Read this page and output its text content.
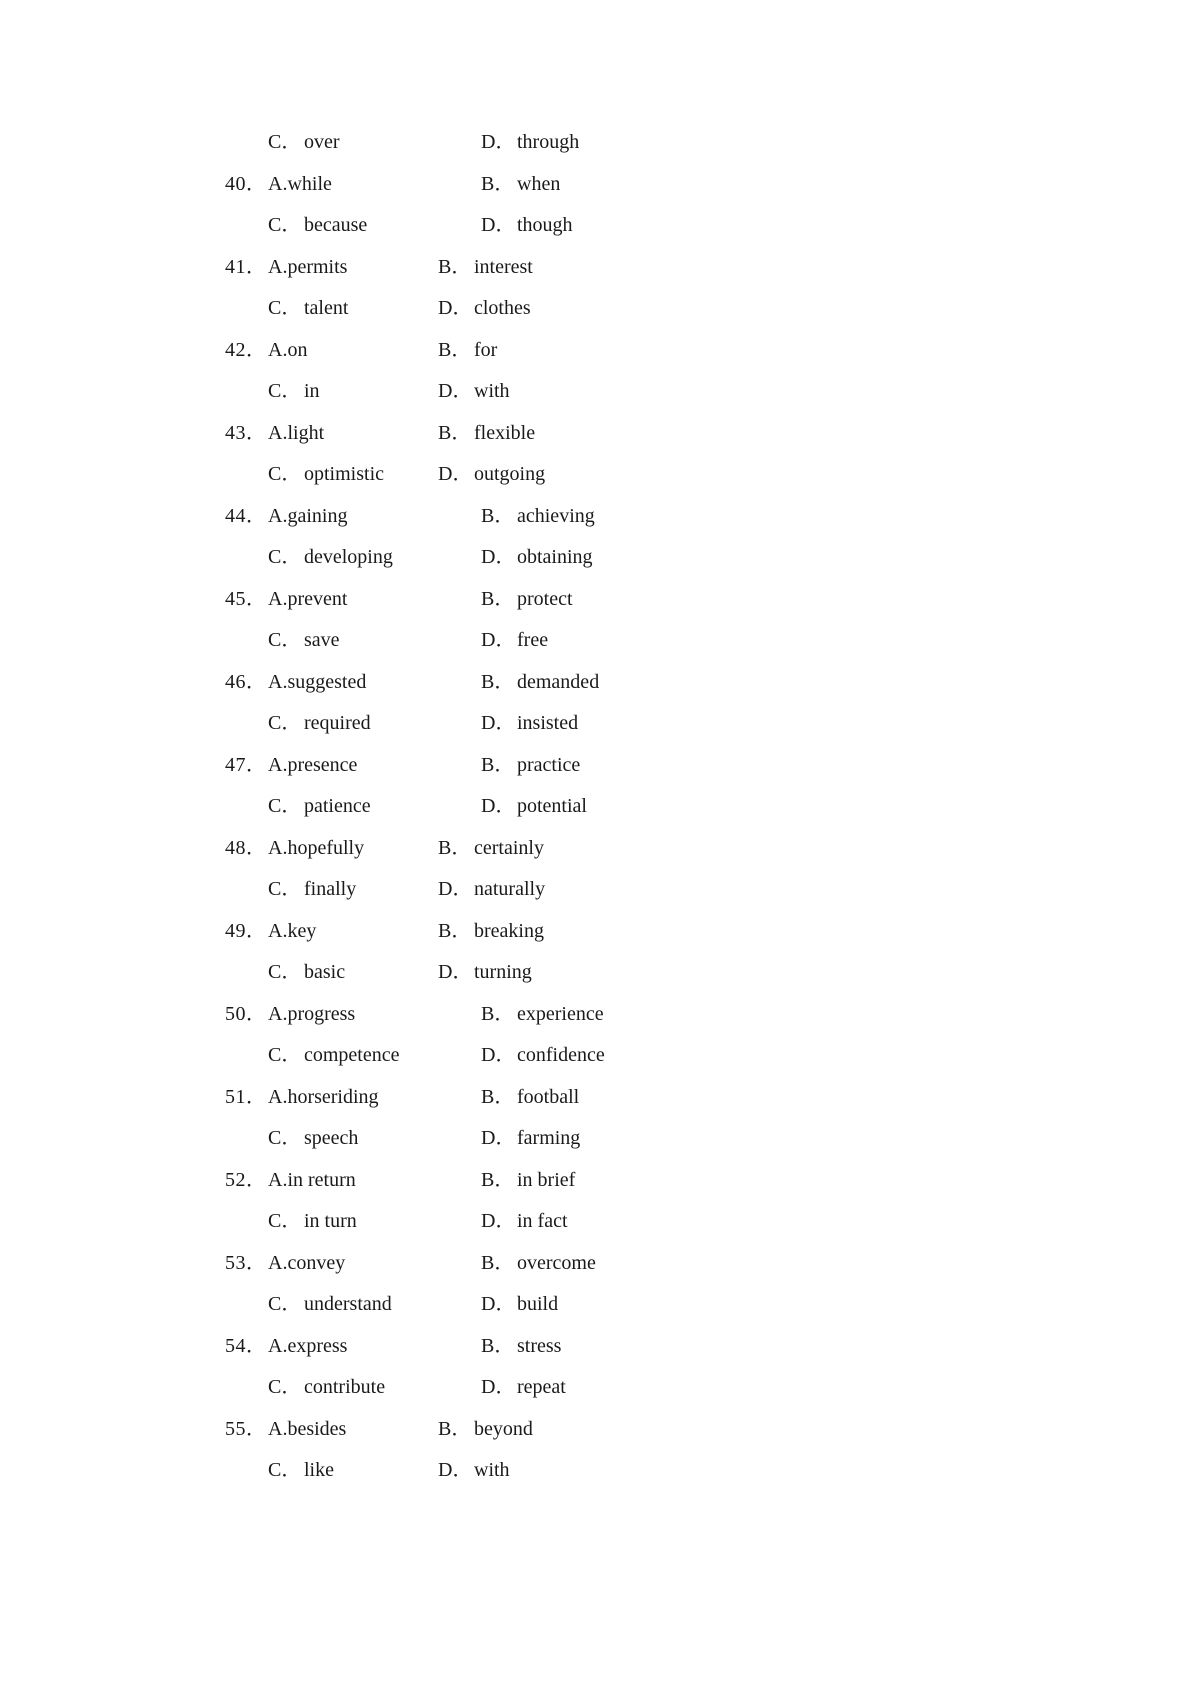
C． over	D．through
40． A.while	B． when
C． because	D．though
41． A.permits	B． interest
C． talent	D．clothes
42． A.on	B． for
C． in	D．with
43． A.light	B． flexible
C． optimistic	D．outgoing
44． A.gaining	B． achieving
C． developing	D．obtaining
45． A.prevent	B． protect
C． save	D．free
46． A.suggested	B． demanded
C． required	D．insisted
47． A.presence	B． practice
C． patience	D．potential
48． A.hopefully	B． certainly
C． finally	D．naturally
49． A.key	B． breaking
C． basic	D．turning
50． A.progress	B． experience
C． competence	D．confidence
51． A.horseriding	B． football
C． speech	D．farming
52． A.in return	B． in brief
C． in turn	D．in fact
53． A.convey	B． overcome
C． understand	D．build
54． A.express	B． stress
C． contribute	D．repeat
55． A.besides	B． beyond
C． like	D．with
